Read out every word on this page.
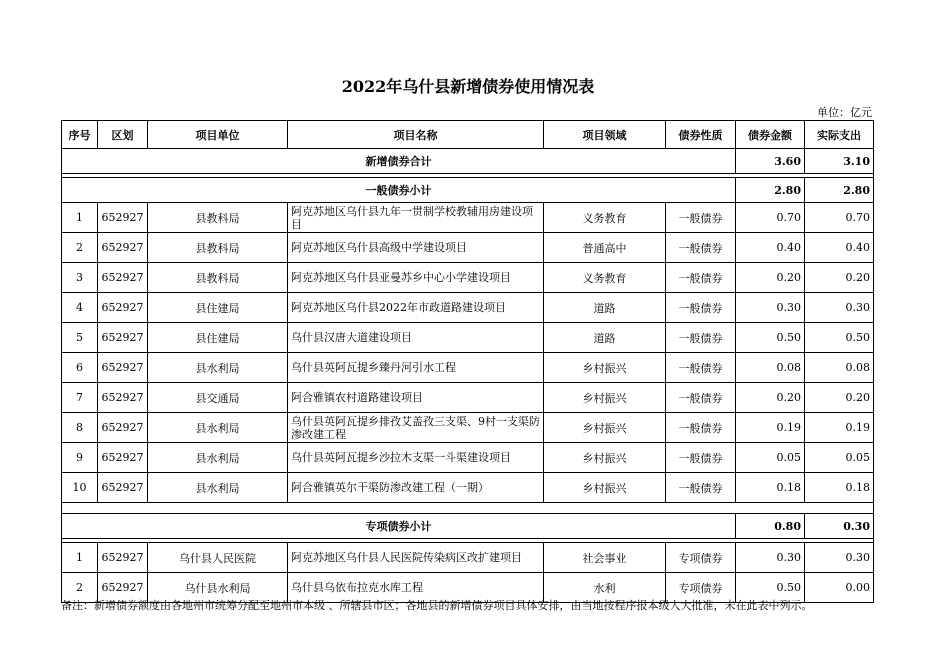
2022年乌什县新增债券使用情况表
单位：亿元
序号	区划	项目单位	项目名称	项目领域	债券性质	债券金额	实际支出
新增债券合计						3.60	3.10

一般债券小计						2.80	2.80
1	652927	县教科局	阿克苏地区乌什县九年一贯制学校教辅用房建设项目	义务教育	一般债券	0.70	0.70
2	652927	县教科局	阿克苏地区乌什县高级中学建设项目	普通高中	一般债券	0.40	0.40
3	652927	县教科局	阿克苏地区乌什县亚曼苏乡中心小学建设项目	义务教育	一般债券	0.20	0.20
4	652927	县住建局	阿克苏地区乌什县2022年市政道路建设项目	道路	一般债券	0.30	0.30
5	652927	县住建局	乌什县汉唐大道建设项目	道路	一般债券	0.50	0.50
6	652927	县水利局	乌什县英阿瓦提乡臻丹河引水工程	乡村振兴	一般债券	0.08	0.08
7	652927	县交通局	阿合雅镇农村道路建设项目	乡村振兴	一般债券	0.20	0.20
8	652927	县水利局	乌什县英阿瓦提乡排孜艾盖孜三支渠、9村一支渠防渗改建工程	乡村振兴	一般债券	0.19	0.19
9	652927	县水利局	乌什县英阿瓦提乡沙拉木支渠一斗渠建设项目	乡村振兴	一般债券	0.05	0.05
10	652927	县水利局	阿合雅镇英尔干渠防渗改建工程（一期）	乡村振兴	一般债券	0.18	0.18

专项债券小计						0.80	0.30

1	652927	乌什县人民医院	阿克苏地区乌什县人民医院传染病区改扩建项目	社会事业	专项债券	0.30	0.30
2	652927	乌什县水利局	乌什县乌依布拉克水库工程	水利	专项债券	0.50	0.00
备注：新增债券额度由各地州市统筹分配至地州市本级 、所辖县市区；各地县的新增债券项目具体安排，由当地按程序报本级人大批准，未在此表中列示。
